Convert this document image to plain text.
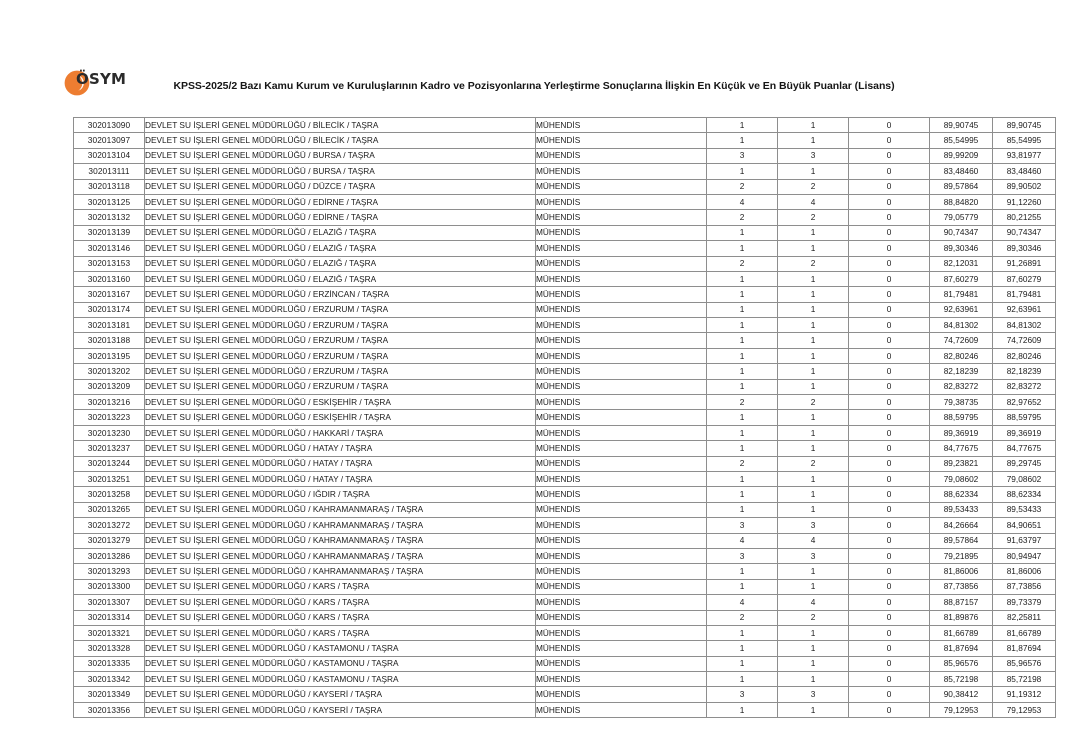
ÖSYM	KPSS-2025/2 Bazı Kamu Kurum ve Kuruluşlarının Kadro ve Pozisyonlarına Yerleştirme Sonuçlarına İlişkin En Küçük ve En Büyük Puanlar (Lisans)
302013090	DEVLET SU İŞLERİ GENEL MÜDÜRLÜĞÜ / BİLECİK / TAŞRA	MÜHENDİS	1	1	0	89,90745	89,90745
302013097	DEVLET SU İŞLERİ GENEL MÜDÜRLÜĞÜ / BİLECİK / TAŞRA	MÜHENDİS	1	1	0	85,54995	85,54995
302013104	DEVLET SU İŞLERİ GENEL MÜDÜRLÜĞÜ / BURSA / TAŞRA	MÜHENDİS	3	3	0	89,99209	93,81977
302013111	DEVLET SU İŞLERİ GENEL MÜDÜRLÜĞÜ / BURSA / TAŞRA	MÜHENDİS	1	1	0	83,48460	83,48460
302013118	DEVLET SU İŞLERİ GENEL MÜDÜRLÜĞÜ / DÜZCE / TAŞRA	MÜHENDİS	2	2	0	89,57864	89,90502
302013125	DEVLET SU İŞLERİ GENEL MÜDÜRLÜĞÜ / EDİRNE / TAŞRA	MÜHENDİS	4	4	0	88,84820	91,12260
302013132	DEVLET SU İŞLERİ GENEL MÜDÜRLÜĞÜ / EDİRNE / TAŞRA	MÜHENDİS	2	2	0	79,05779	80,21255
302013139	DEVLET SU İŞLERİ GENEL MÜDÜRLÜĞÜ / ELAZIĞ / TAŞRA	MÜHENDİS	1	1	0	90,74347	90,74347
302013146	DEVLET SU İŞLERİ GENEL MÜDÜRLÜĞÜ / ELAZIĞ / TAŞRA	MÜHENDİS	1	1	0	89,30346	89,30346
302013153	DEVLET SU İŞLERİ GENEL MÜDÜRLÜĞÜ / ELAZIĞ / TAŞRA	MÜHENDİS	2	2	0	82,12031	91,26891
302013160	DEVLET SU İŞLERİ GENEL MÜDÜRLÜĞÜ / ELAZIĞ / TAŞRA	MÜHENDİS	1	1	0	87,60279	87,60279
302013167	DEVLET SU İŞLERİ GENEL MÜDÜRLÜĞÜ / ERZİNCAN / TAŞRA	MÜHENDİS	1	1	0	81,79481	81,79481
302013174	DEVLET SU İŞLERİ GENEL MÜDÜRLÜĞÜ / ERZURUM / TAŞRA	MÜHENDİS	1	1	0	92,63961	92,63961
302013181	DEVLET SU İŞLERİ GENEL MÜDÜRLÜĞÜ / ERZURUM / TAŞRA	MÜHENDİS	1	1	0	84,81302	84,81302
302013188	DEVLET SU İŞLERİ GENEL MÜDÜRLÜĞÜ / ERZURUM / TAŞRA	MÜHENDİS	1	1	0	74,72609	74,72609
302013195	DEVLET SU İŞLERİ GENEL MÜDÜRLÜĞÜ / ERZURUM / TAŞRA	MÜHENDİS	1	1	0	82,80246	82,80246
302013202	DEVLET SU İŞLERİ GENEL MÜDÜRLÜĞÜ / ERZURUM / TAŞRA	MÜHENDİS	1	1	0	82,18239	82,18239
302013209	DEVLET SU İŞLERİ GENEL MÜDÜRLÜĞÜ / ERZURUM / TAŞRA	MÜHENDİS	1	1	0	82,83272	82,83272
302013216	DEVLET SU İŞLERİ GENEL MÜDÜRLÜĞÜ / ESKİŞEHİR / TAŞRA	MÜHENDİS	2	2	0	79,38735	82,97652
302013223	DEVLET SU İŞLERİ GENEL MÜDÜRLÜĞÜ / ESKİŞEHİR / TAŞRA	MÜHENDİS	1	1	0	88,59795	88,59795
302013230	DEVLET SU İŞLERİ GENEL MÜDÜRLÜĞÜ / HAKKARİ / TAŞRA	MÜHENDİS	1	1	0	89,36919	89,36919
302013237	DEVLET SU İŞLERİ GENEL MÜDÜRLÜĞÜ / HATAY / TAŞRA	MÜHENDİS	1	1	0	84,77675	84,77675
302013244	DEVLET SU İŞLERİ GENEL MÜDÜRLÜĞÜ / HATAY / TAŞRA	MÜHENDİS	2	2	0	89,23821	89,29745
302013251	DEVLET SU İŞLERİ GENEL MÜDÜRLÜĞÜ / HATAY / TAŞRA	MÜHENDİS	1	1	0	79,08602	79,08602
302013258	DEVLET SU İŞLERİ GENEL MÜDÜRLÜĞÜ / IĞDIR / TAŞRA	MÜHENDİS	1	1	0	88,62334	88,62334
302013265	DEVLET SU İŞLERİ GENEL MÜDÜRLÜĞÜ / KAHRAMANMARAŞ / TAŞRA	MÜHENDİS	1	1	0	89,53433	89,53433
302013272	DEVLET SU İŞLERİ GENEL MÜDÜRLÜĞÜ / KAHRAMANMARAŞ / TAŞRA	MÜHENDİS	3	3	0	84,26664	84,90651
302013279	DEVLET SU İŞLERİ GENEL MÜDÜRLÜĞÜ / KAHRAMANMARAŞ / TAŞRA	MÜHENDİS	4	4	0	89,57864	91,63797
302013286	DEVLET SU İŞLERİ GENEL MÜDÜRLÜĞÜ / KAHRAMANMARAŞ / TAŞRA	MÜHENDİS	3	3	0	79,21895	80,94947
302013293	DEVLET SU İŞLERİ GENEL MÜDÜRLÜĞÜ / KAHRAMANMARAŞ / TAŞRA	MÜHENDİS	1	1	0	81,86006	81,86006
302013300	DEVLET SU İŞLERİ GENEL MÜDÜRLÜĞÜ / KARS / TAŞRA	MÜHENDİS	1	1	0	87,73856	87,73856
302013307	DEVLET SU İŞLERİ GENEL MÜDÜRLÜĞÜ / KARS / TAŞRA	MÜHENDİS	4	4	0	88,87157	89,73379
302013314	DEVLET SU İŞLERİ GENEL MÜDÜRLÜĞÜ / KARS / TAŞRA	MÜHENDİS	2	2	0	81,89876	82,25811
302013321	DEVLET SU İŞLERİ GENEL MÜDÜRLÜĞÜ / KARS / TAŞRA	MÜHENDİS	1	1	0	81,66789	81,66789
302013328	DEVLET SU İŞLERİ GENEL MÜDÜRLÜĞÜ / KASTAMONU / TAŞRA	MÜHENDİS	1	1	0	81,87694	81,87694
302013335	DEVLET SU İŞLERİ GENEL MÜDÜRLÜĞÜ / KASTAMONU / TAŞRA	MÜHENDİS	1	1	0	85,96576	85,96576
302013342	DEVLET SU İŞLERİ GENEL MÜDÜRLÜĞÜ / KASTAMONU / TAŞRA	MÜHENDİS	1	1	0	85,72198	85,72198
302013349	DEVLET SU İŞLERİ GENEL MÜDÜRLÜĞÜ / KAYSERİ / TAŞRA	MÜHENDİS	3	3	0	90,38412	91,19312
302013356	DEVLET SU İŞLERİ GENEL MÜDÜRLÜĞÜ / KAYSERİ / TAŞRA	MÜHENDİS	1	1	0	79,12953	79,12953
